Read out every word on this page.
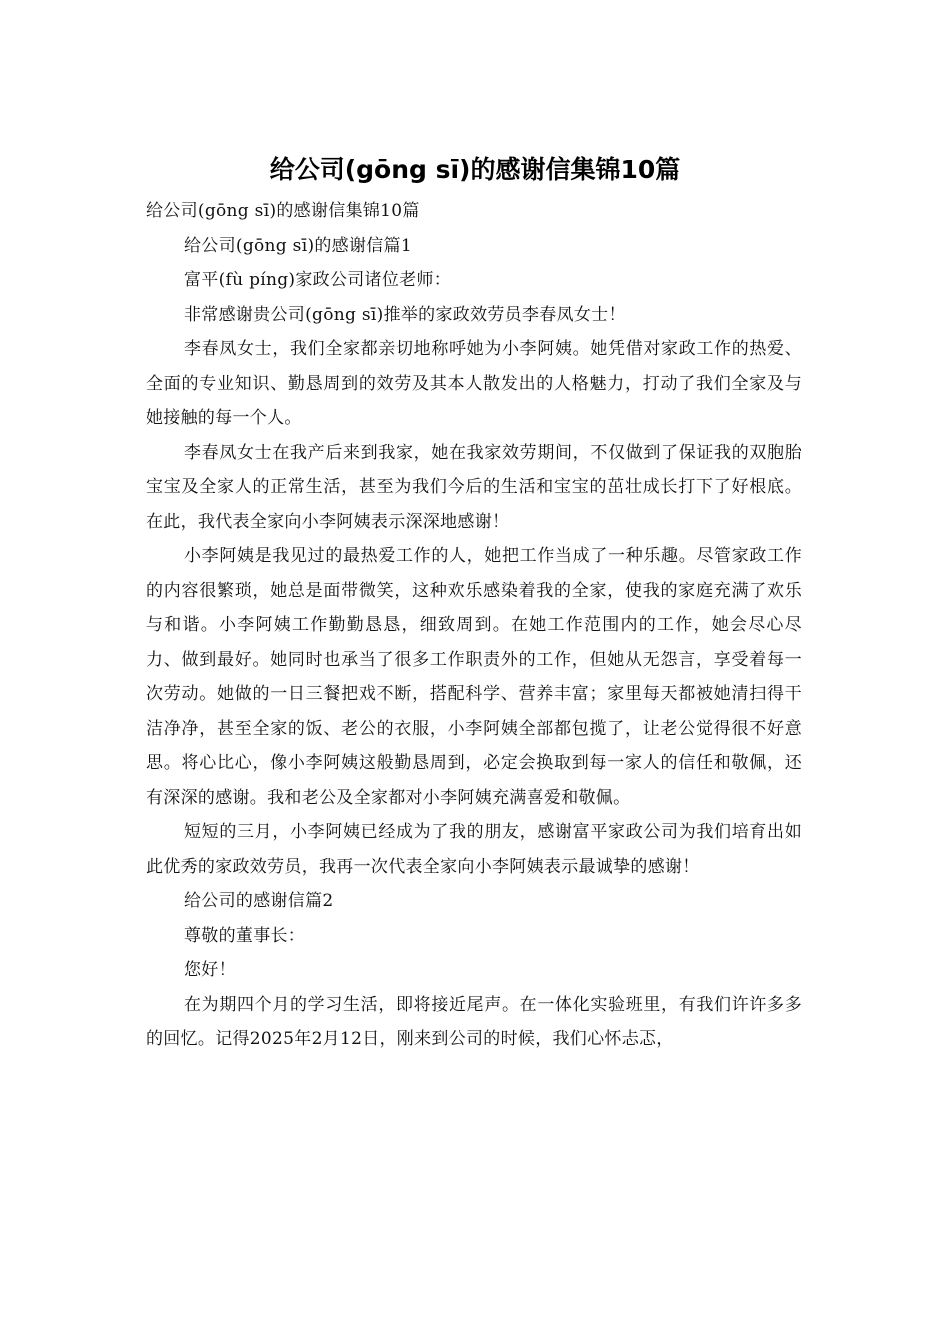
给公司(gōng sī)的感谢信集锦10篇

给公司(gōng sī)的感谢信集锦10篇

给公司(gōng sī)的感谢信篇1

富平(fù píng)家政公司诸位老师：

非常感谢贵公司(gōng sī)推举的家政效劳员李春凤女士！

李春凤女士，我们全家都亲切地称呼她为小李阿姨。她凭借对家政工作的热爱、全面的专业知识、勤恳周到的效劳及其本人散发出的人格魅力，打动了我们全家及与她接触的每一个人。

李春凤女士在我产后来到我家，她在我家效劳期间，不仅做到了保证我的双胞胎宝宝及全家人的正常生活，甚至为我们今后的生活和宝宝的茁壮成长打下了好根底。在此，我代表全家向小李阿姨表示深深地感谢！

小李阿姨是我见过的最热爱工作的人，她把工作当成了一种乐趣。尽管家政工作的内容很繁琐，她总是面带微笑，这种欢乐感染着我的全家，使我的家庭充满了欢乐与和谐。小李阿姨工作勤勤恳恳，细致周到。在她工作范围内的工作，她会尽心尽力、做到最好。她同时也承当了很多工作职责外的工作，但她从无怨言，享受着每一次劳动。她做的一日三餐把戏不断，搭配科学、营养丰富；家里每天都被她清扫得干洁净净，甚至全家的饭、老公的衣服，小李阿姨全部都包揽了，让老公觉得很不好意思。将心比心，像小李阿姨这般勤恳周到，必定会换取到每一家人的信任和敬佩，还有深深的感谢。我和老公及全家都对小李阿姨充满喜爱和敬佩。

短短的三月，小李阿姨已经成为了我的朋友，感谢富平家政公司为我们培育出如此优秀的家政效劳员，我再一次代表全家向小李阿姨表示最诚挚的感谢！

给公司的感谢信篇2

尊敬的董事长：

您好！

在为期四个月的学习生活，即将接近尾声。在一体化实验班里，有我们许许多多的回忆。记得2025年2月12日，刚来到公司的时候，我们心怀忐忑，
